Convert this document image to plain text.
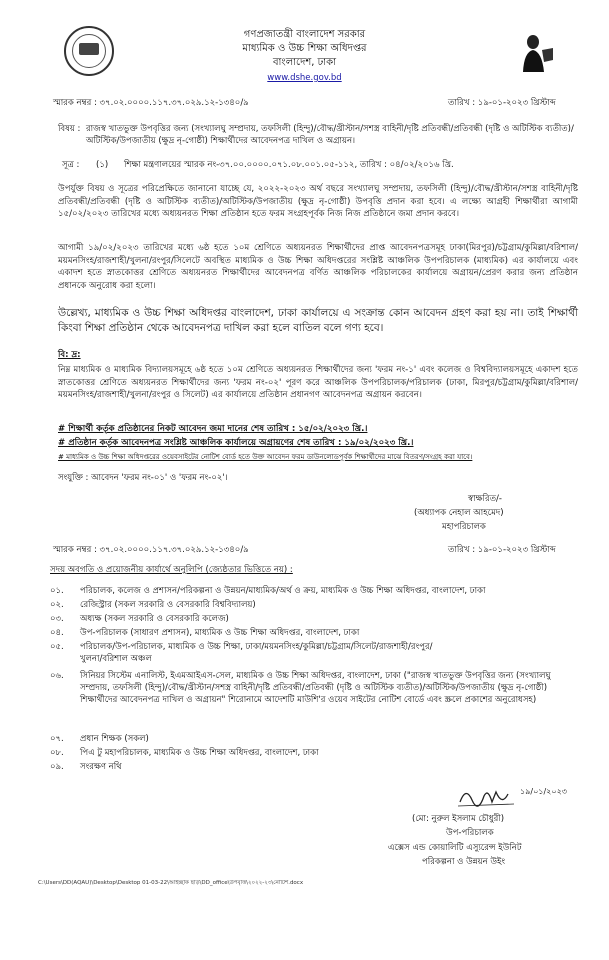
গণপ্রজাতন্ত্রী বাংলাদেশ সরকার
মাধ্যমিক ও উচ্চ শিক্ষা অধিদপ্তর
বাংলাদেশ, ঢাকা
www.dshe.gov.bd
স্মারক নম্বর : ৩৭.০২.০০০০.১১৭.৩৭.০২৯.১২-১৩৪০/৯	তারিখ : ১৯-০১-২০২৩ খ্রিস্টাব্দ
বিষয় : রাজস্ব খাতভুক্ত উপবৃত্তির জন্য (সংখ্যালঘু সম্প্রদায়, তফসিলী (হিন্দু)/বৌদ্ধ/খ্রীস্টান/সশস্ত্র বাহিনী/দৃষ্টি প্রতিবন্ধী/প্রতিবন্ধী (দৃষ্টি ও অটিস্টিক ব্যতীত)/অটিস্টিক/উপজাতীয় (ক্ষুদ্র নৃ-গোষ্ঠী) শিক্ষার্থীদের আবেদনপত্র দাখিল ও অগ্রায়ন।
সূত্র : (১) শিক্ষা মন্ত্রণালয়ের স্মারক নং-৩৭.০০.০০০০.০৭১.০৮.০০১.০৫-১১২, তারিখ : ০৪/০২/২০১৬ খ্রি.
উপর্যুক্ত বিষয় ও সূত্রের পরিপ্রেক্ষিতে জানানো যাচ্ছে যে, ২০২২-২০২৩ অর্থ বছরে সংখ্যালঘু সম্প্রদায়, তফসিলী (হিন্দু)/বৌদ্ধ/খ্রীস্টান/সশস্ত্র বাহিনী/দৃষ্টি প্রতিবন্ধী/প্রতিবন্ধী (দৃষ্টি ও অটিস্টিক ব্যতীত)/অটিস্টিক/উপজাতীয় (ক্ষুদ্র নৃ-গোষ্ঠী) উপবৃত্তি প্রদান করা হবে। এ লক্ষ্যে আগ্রহী শিক্ষার্থীরা আগামী ১৫/০২/২০২৩ তারিখের মধ্যে অধ্যয়নরত শিক্ষা প্রতিষ্ঠান হতে ফরম সংগ্রহপূর্বক নিজ নিজ প্রতিষ্ঠানে জমা প্রদান করবে।
আগামী ১৯/০২/২০২৩ তারিখের মধ্যে ৬ষ্ঠ হতে ১০ম শ্রেণিতে অধ্যয়নরত শিক্ষার্থীদের প্রাপ্ত আবেদনপত্রসমূহ ঢাকা(মিরপুর)/চট্টগ্রাম/কুমিল্লা/বরিশাল/ময়মনসিংহ/রাজশাহী/খুলনা/রংপুর/সিলেটে অবস্থিত মাধ্যমিক ও উচ্চ শিক্ষা অধিদপ্তরের সংশ্লিষ্ট আঞ্চলিক উপপরিচালক (মাধ্যমিক) এর কার্যালয়ে এবং একাদশ হতে স্নাতকোত্তর শ্রেণিতে অধ্যয়নরত শিক্ষার্থীদের আবেদনপত্র বর্ণিত আঞ্চলিক পরিচালকের কার্যালয়ে অগ্রায়ন/প্রেরণ করার জন্য প্রতিষ্ঠান প্রধানকে অনুরোধ করা হলো।
উল্লেখ্য, মাধ্যমিক ও উচ্চ শিক্ষা অধিদপ্তর বাংলাদেশ, ঢাকা কার্যালয়ে এ সংক্রান্ত কোন আবেদন গ্রহণ করা হয় না। তাই শিক্ষার্থী কিংবা শিক্ষা প্রতিষ্ঠান থেকে আবেদনপত্র দাখিল করা হলে বাতিল বলে গণ্য হবে।
বি: দ্র:
নিম্ন মাধ্যমিক ও মাধ্যমিক বিদ্যালয়সমূহে ৬ষ্ঠ হতে ১০ম শ্রেণিতে অধ্যয়নরত শিক্ষার্থীদের জন্য 'ফরম নং-১' এবং কলেজ ও বিশ্ববিদ্যালয়সমূহে একাদশ হতে স্নাতকোত্তর শ্রেণিতে অধ্যয়নরত শিক্ষার্থীদের জন্য 'ফরম নং-০২' পূরণ করে আঞ্চলিক উপপরিচালক/পরিচালক (ঢাকা, মিরপুর/চট্টগ্রাম/কুমিল্লা/বরিশাল/ময়মনসিংহ/রাজশাহী/খুলনা/রংপুর ও সিলেট) এর কার্যালয়ে প্রতিষ্ঠান প্রধানগণ আবেদনপত্র অগ্রায়ন করবেন।
# শিক্ষার্থী কর্তৃক প্রতিষ্ঠানের নিকট আবেদন জমা দানের শেষ তারিখ : ১৫/০২/২০২৩ খ্রি.।
# প্রতিষ্ঠান কর্তৃক আবেদনপত্র সংশ্লিষ্ট আঞ্চলিক কার্যালয়ে অগ্রায়ণের শেষ তারিখ : ১৯/০২/২০২৩ খ্রি.।
# মাধ্যমিক ও উচ্চ শিক্ষা অধিদপ্তরের ওয়েবসাইটের নোটিশ বোর্ড হতে উক্ত আবেদন ফরম ডাউনলোডপূর্বক শিক্ষার্থীদের মাঝে বিতরণ/সংগ্রহ করা যাবে।
সংযুক্তি : আবেদন 'ফরম নং-০১' ও 'ফরম নং-০২'।
স্বাক্ষরিত/-
(অধ্যাপক নেহাল আহমেদ)
মহাপরিচালক
স্মারক নম্বর : ৩৭.০২.০০০০.১১৭.৩৭.০২৯.১২-১৩৪০/৯	তারিখ : ১৯-০১-২০২৩ খ্রিস্টাব্দ
সদয় অবগতি ও প্রয়োজনীয় কার্যার্থে অনুলিপি (জ্যেষ্ঠতার ভিত্তিতে নয়) :
০১.	পরিচালক, কলেজ ও প্রশাসন/পরিকল্পনা ও উন্নয়ন/মাধ্যমিক/অর্থ ও ক্রয়, মাধ্যমিক ও উচ্চ শিক্ষা অধিদপ্তর, বাংলাদেশ, ঢাকা
০২.	রেজিস্ট্রার (সকল সরকারি ও বেসরকারি বিশ্ববিদ্যালয়)
০৩.	অধ্যক্ষ (সকল সরকারি ও বেসরকারি কলেজ)
০৪.	উপ-পরিচালক (সাধারণ প্রশাসন), মাধ্যমিক ও উচ্চ শিক্ষা অধিদপ্তর, বাংলাদেশ, ঢাকা
০৫.	পরিচালক/উপ-পরিচালক, মাধ্যমিক ও উচ্চ শিক্ষা, ঢাকা/ময়মনসিংহ/কুমিল্লা/চট্টগ্রাম/সিলেট/রাজশাহী/রংপুর/খুলনা/বরিশাল অঞ্চল
০৬.	সিনিয়র সিস্টেম এনালিস্ট, ইএমআইএস-সেল, মাধ্যমিক ও উচ্চ শিক্ষা অধিদপ্তর, বাংলাদেশ, ঢাকা ("রাজস্ব খাতভুক্ত উপবৃত্তির জন্য (সংখ্যালঘু সম্প্রদায়, তফসিলী (হিন্দু)/বৌদ্ধ/খ্রীস্টান/সশস্ত্র বাহিনী/দৃষ্টি প্রতিবন্ধী/প্রতিবন্ধী (দৃষ্টি ও অটিস্টিক ব্যতীত)/অটিস্টিক/উপজাতীয় (ক্ষুদ্র নৃ-গোষ্ঠী) শিক্ষার্থীদের আবেদনপত্র দাখিল ও অগ্রায়ন" শিরোনামে আদেশটি মাউশি'র ওয়েব সাইটের নোটিশ বোর্ডে এবং স্ক্রলে প্রকাশের অনুরোধসহ)
০৭.	প্রধান শিক্ষক (সকল)
০৮.	পিএ টু মহাপরিচালক, মাধ্যমিক ও উচ্চ শিক্ষা অধিদপ্তর, বাংলাদেশ, ঢাকা
০৯.	সংরক্ষণ নথি
১৯/০১/২০২৩
(মো: নুরুল ইসলাম চৌধুরী)
উপ-পরিচালক
এক্সেস এন্ড কোয়ালিটি এস্যুরেন্স ইউনিট
পরিকল্পনা ও উন্নয়ন উইং
C:\Users\DD(AQAU)\Desktop\Desktop 01-03-22\আইচ্ছাক ছাড়\DD_office\উপবৃত্তি\২০২২-২৩\নোটিশ.docx
